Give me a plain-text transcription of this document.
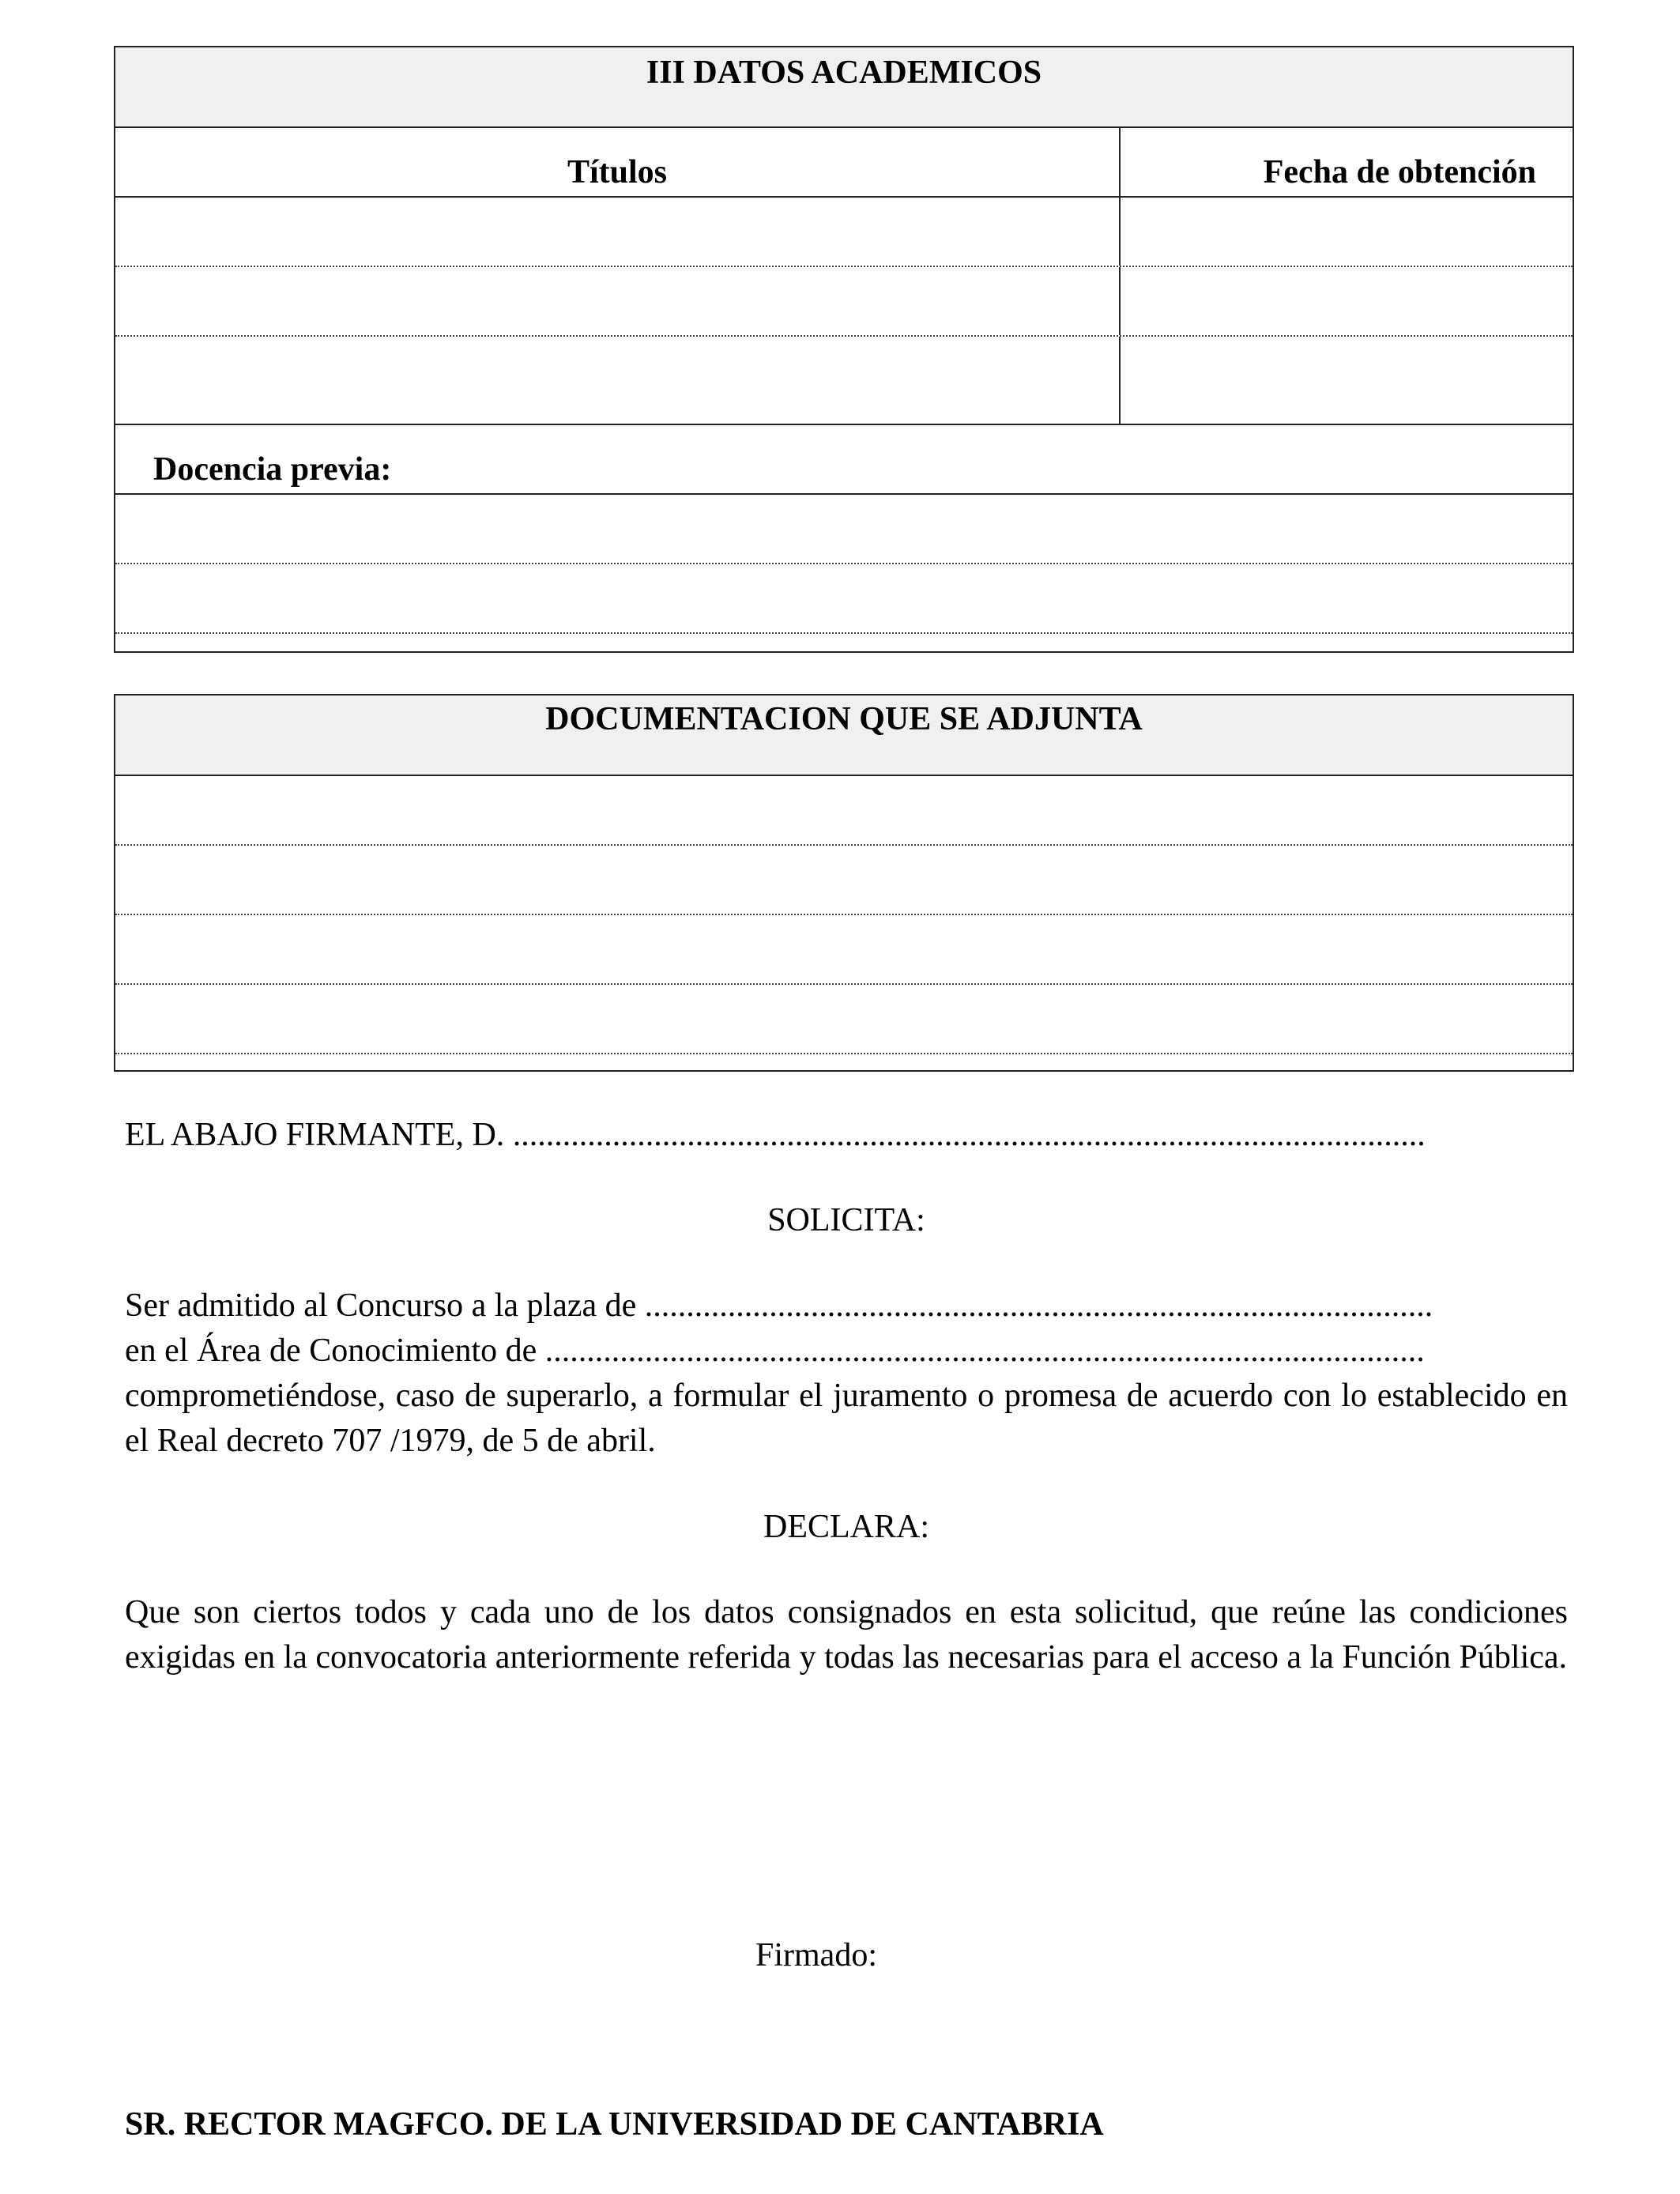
III DATOS ACADEMICOS
Títulos	Fecha de obtención
Docencia previa:
DOCUMENTACION QUE SE ADJUNTA
EL ABAJO FIRMANTE, D. ..............................................................................................................
SOLICITA:
Ser admitido al Concurso a la plaza de ...............................................................................................
en el Área de Conocimiento de ..........................................................................................................
comprometiéndose, caso de superarlo, a formular el juramento o promesa de acuerdo con lo establecido en el Real decreto 707 /1979, de 5 de abril.
DECLARA:
Que son ciertos todos y cada uno de los datos consignados en esta solicitud, que reúne las condiciones exigidas en la convocatoria anteriormente referida y todas las necesarias para el acceso a la Función Pública.
Firmado:
SR. RECTOR MAGFCO. DE LA UNIVERSIDAD DE CANTABRIA
